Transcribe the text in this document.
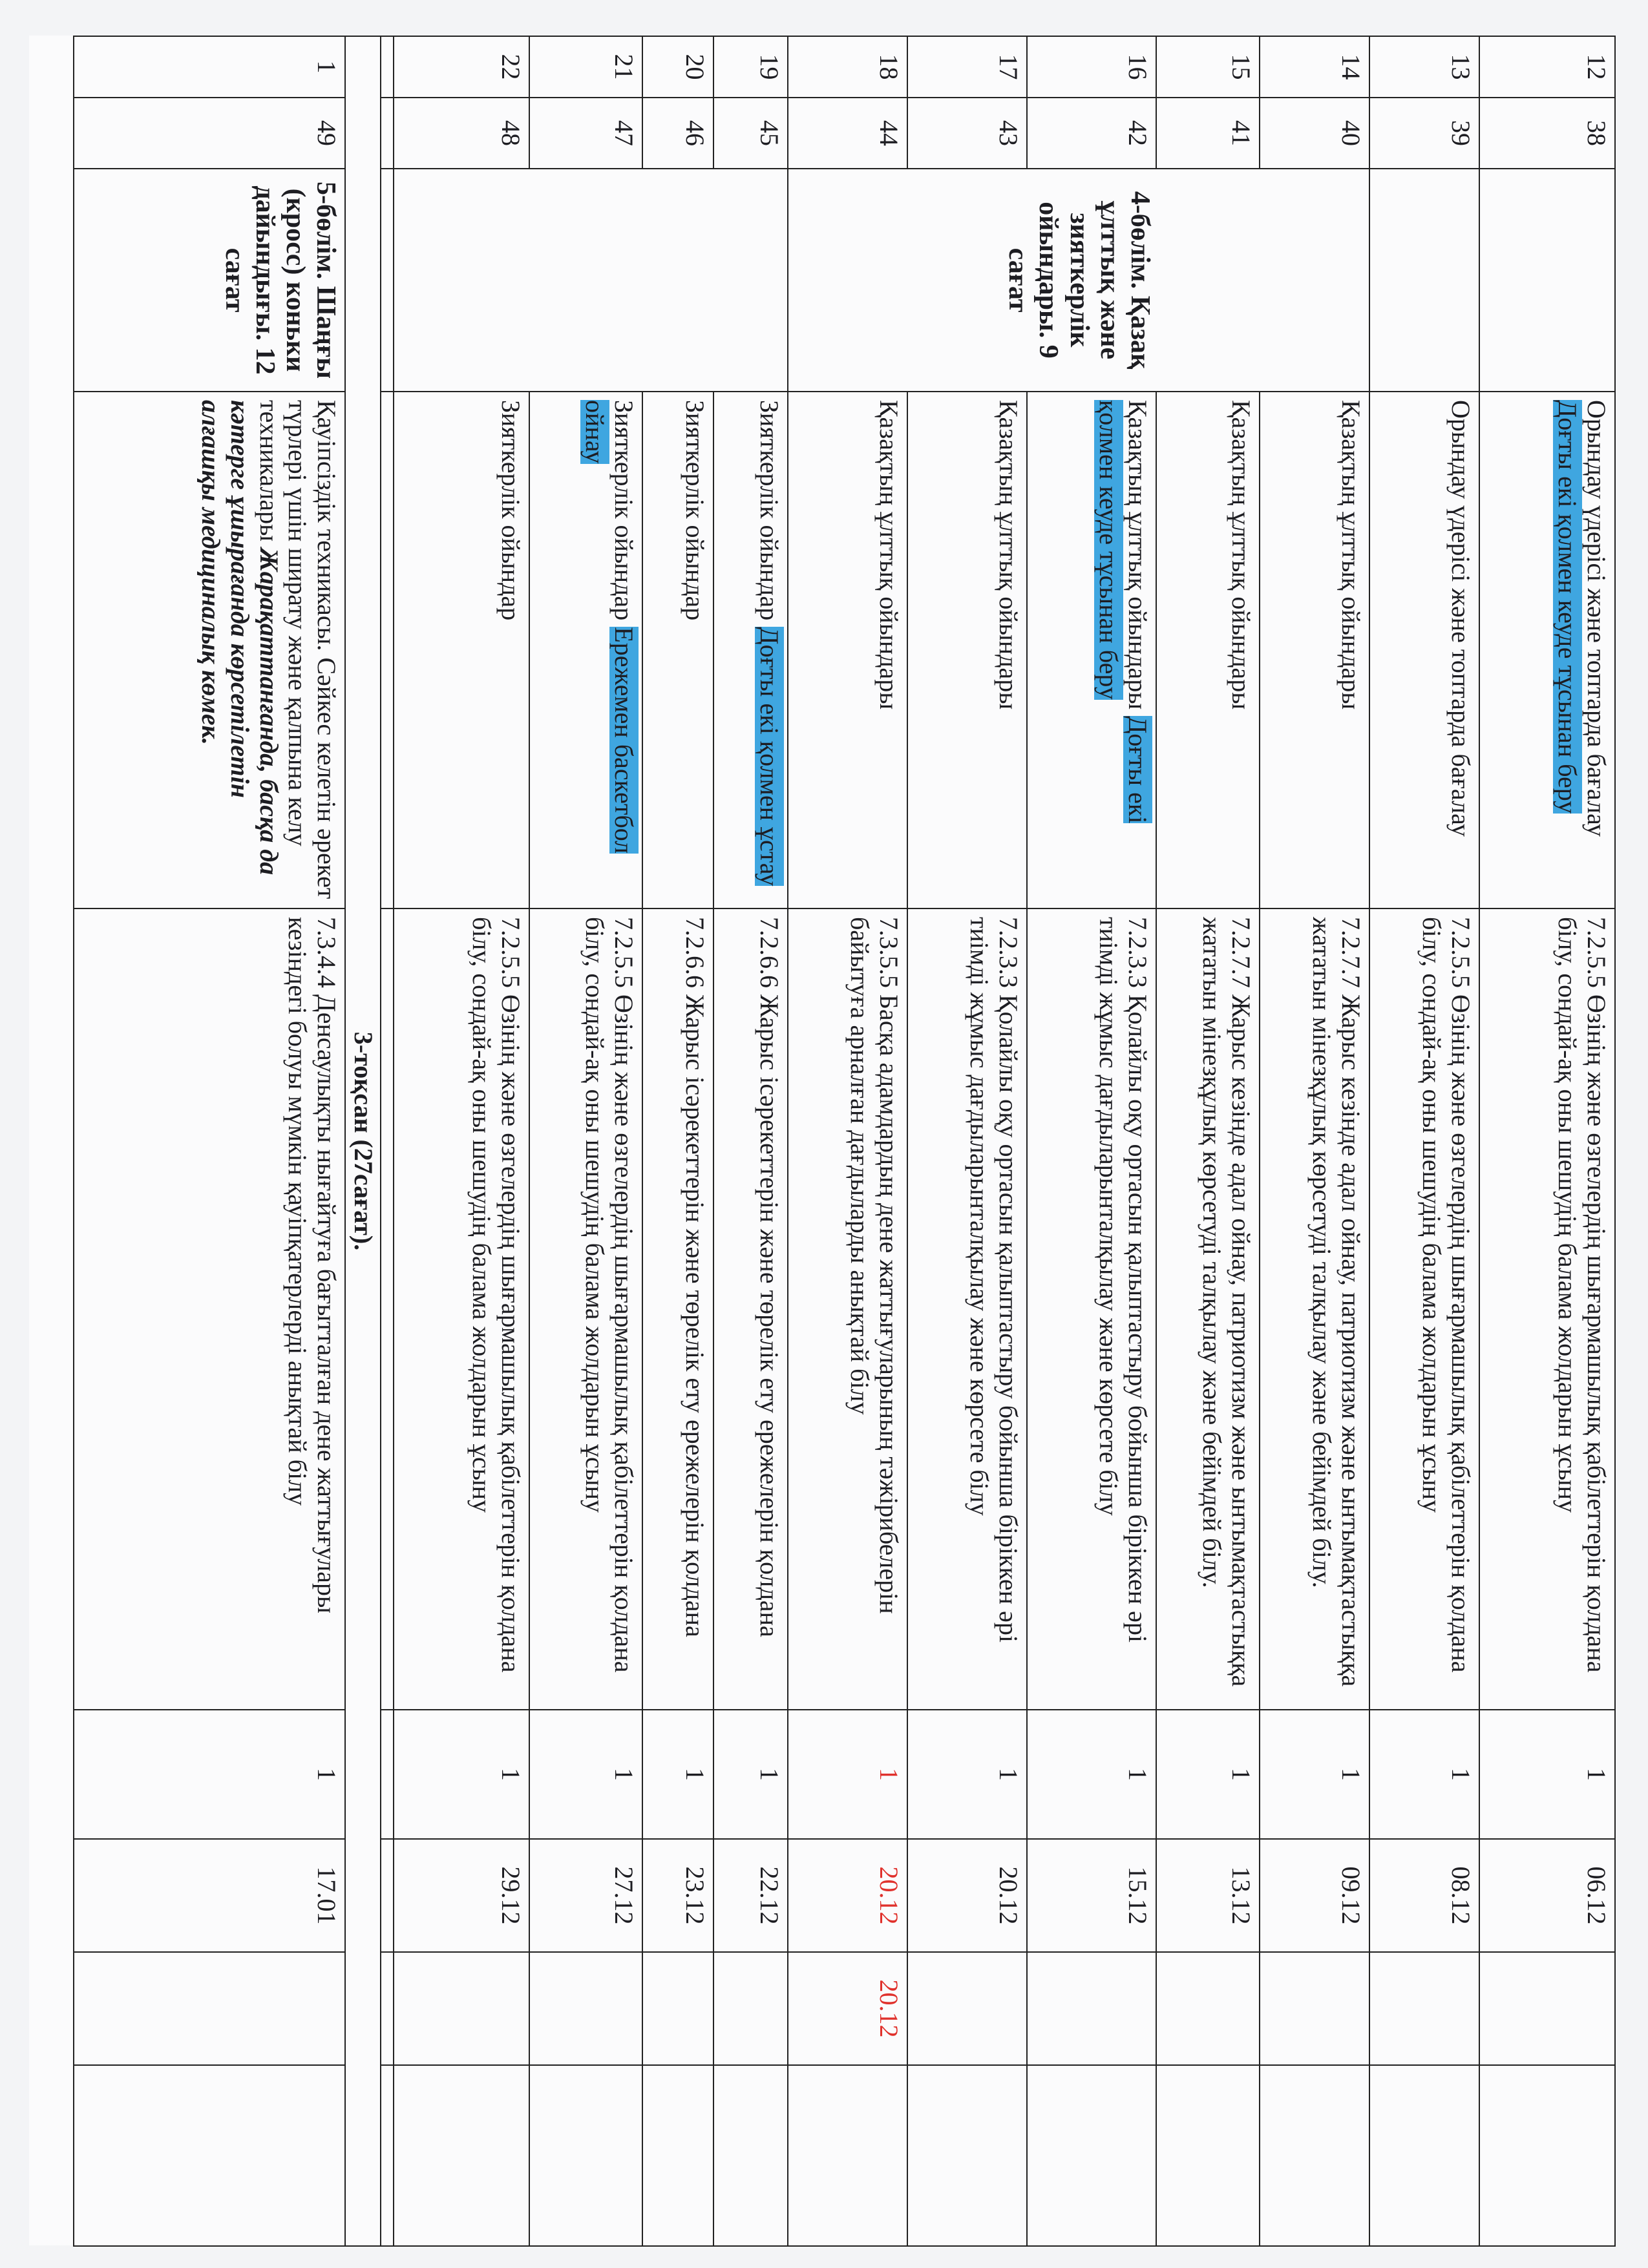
12	38		Орындау үдерісі және топтарда бағалау Доғты екі қолмен кеуде тұсынан беру	7.2.5.5 Өзінің және өзгелердің шығармашылық қабілеттерін қолдана білу, сондай-ақ оны шешудің балама жолдарын ұсыну	1	06.12		
13	39		Орындау үдерісі және топтарда бағалау	7.2.5.5 Өзінің және өзгелердің шығармашылық қабілеттерін қолдана білу, сондай-ақ оны шешудің балама жолдарын ұсыну	1	08.12		
14	40	4-бөлім. Қазақ ұлттық және зияткерлік ойындары. 9 сағат	Қазақтың ұлттық ойындары	7.2.7.7 Жарыс кезінде адал ойнау, патриотизм және ынтымақтастыққа жататын мінезқұлық көрсетуді талқылау және бейімдей білу.	1	09.12		
15	41		Қазақтың ұлттық ойындары	7.2.7.7 Жарыс кезінде адал ойнау, патриотизм және ынтымақтастыққа жататын мінезқұлық көрсетуді талқылау және бейімдей білу.	1	13.12		
16	42		Қазақтың ұлттық ойындары Доғты екі қолмен кеуде тұсынан беру	7.2.3.3 Қолайлы оқу ортасын қалыптастыру бойынша біріккен әрі тиімді жұмыс дағдыларынталқылау және көрсете білу	1	15.12		
17	43		Қазақтың ұлттық ойындары	7.2.3.3 Қолайлы оқу ортасын қалыптастыру бойынша біріккен әрі тиімді жұмыс дағдыларынталқылау және көрсете білу	1	20.12		
18	44		Қазақтың ұлттық ойындары	7.3.5.5 Басқа адамдардың дене жаттығуларының тәжірибелерін байытуға арналған дағдыларды анықтай білу	1	20.12	20.12	
19	45		Зияткерлік ойындар Доғты екі қолмен ұстау	7.2.6.6 Жарыс ісәрекеттерін және төрелік ету ережелерін қолдана	1	22.12		
20	46		Зияткерлік ойындар	7.2.6.6 Жарыс ісәрекеттерін және төрелік ету ережелерін қолдана	1	23.12		
21	47		Зияткерлік ойындар Ережемен баскетбол ойнау	7.2.5.5 Өзінің және өзгелердің шығармашылық қабілеттерін қолдана білу, сондай-ақ оны шешудің балама жолдарын ұсыну	1	27.12		
22	48		Зияткерлік ойындар	7.2.5.5 Өзінің және өзгелердің шығармашылық қабілеттерін қолдана білу, сондай-ақ оны шешудің балама жолдарын ұсыну	1	29.12		

3-тоқсан (27сағат).								
1	49	5-бөлім. Шаңғы (кросс) коньки дайындығы. 12 сағат	Қауіпсіздік техникасы. Сәйкес келетін әрекет түрлері үшін ширату және қалпына келу техникалары Жарақаттанғанда, басқа да кәтерге ұшырағанда көрсетілетін алғашқы медициналық көмек.	7.3.4.4 Денсаулықты нығайтуға бағытталған дене жаттығулары кезіндегі болуы мүмкін қауіпқатерлерді анықтай білу	1	17.01		
